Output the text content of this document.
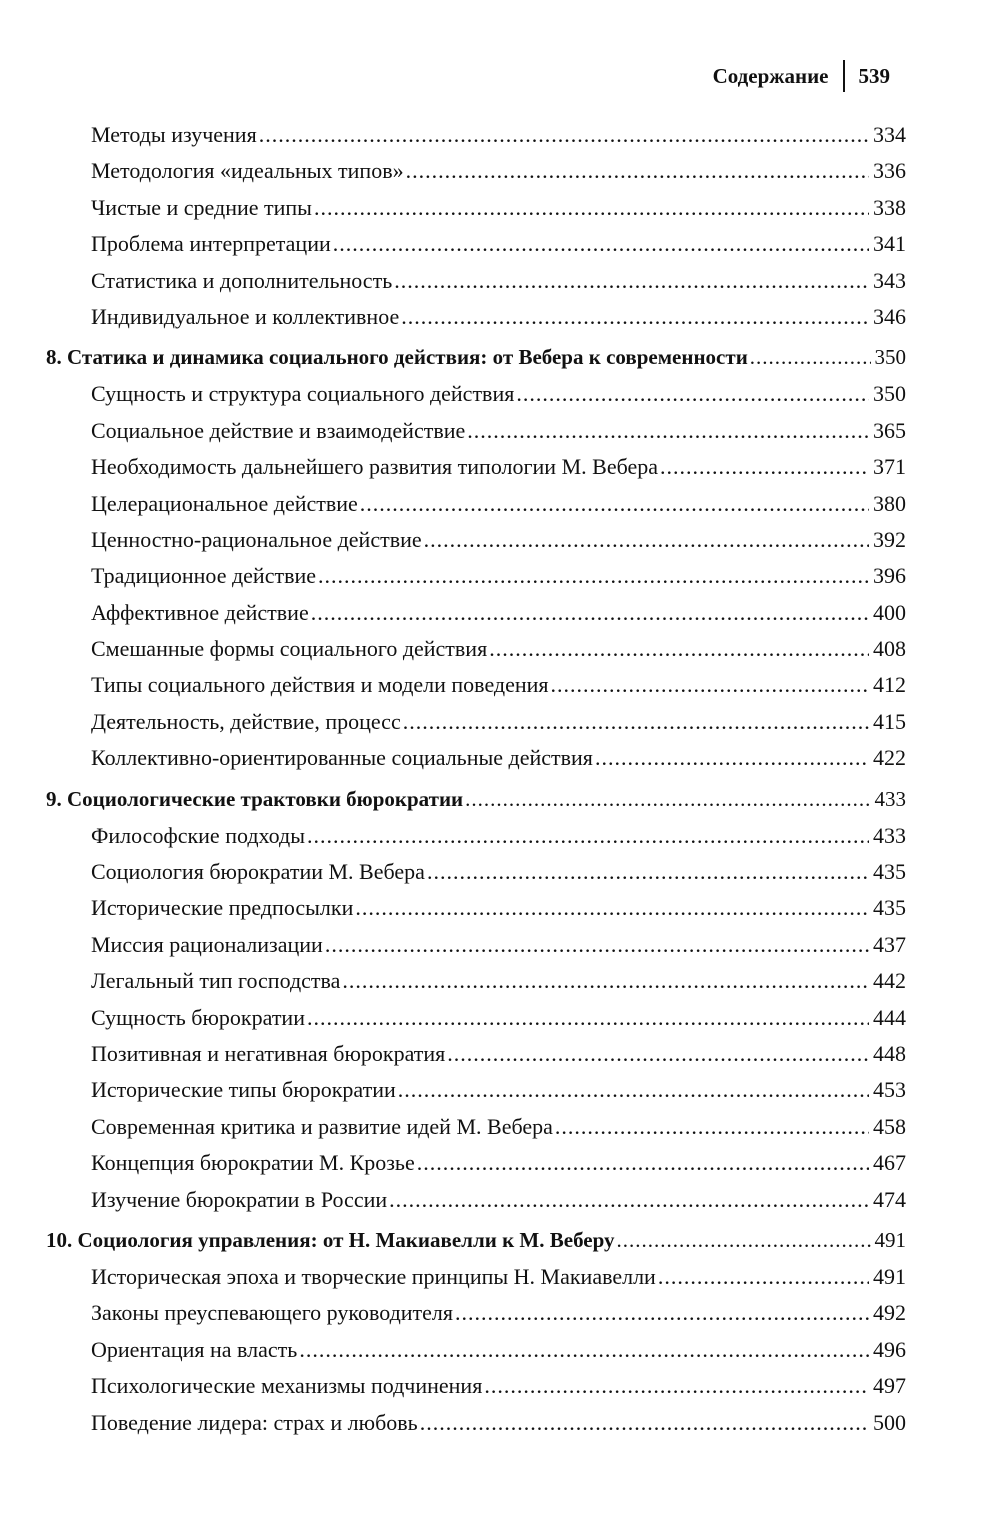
Содержание 539
Методы изучения .....	334
Методология «идеальных типов» .....	336
Чистые и средние типы .....	338
Проблема интерпретации .....	341
Статистика и дополнительность .....	343
Индивидуальное и коллективное .....	346
8. Статика и динамика социального действия: от Вебера к современности .....	350
Сущность и структура социального действия .....	350
Социальное действие и взаимодействие .....	365
Необходимость дальнейшего развития типологии М. Вебера .....	371
Целерациональное действие .....	380
Ценностно-рациональное действие .....	392
Традиционное действие .....	396
Аффективное действие .....	400
Смешанные формы социального действия .....	408
Типы социального действия и модели поведения .....	412
Деятельность, действие, процесс .....	415
Коллективно-ориентированные социальные действия .....	422
9. Социологические трактовки бюрократии .....	433
Философские подходы .....	433
Социология бюрократии М. Вебера .....	435
Исторические предпосылки .....	435
Миссия рационализации .....	437
Легальный тип господства .....	442
Сущность бюрократии .....	444
Позитивная и негативная бюрократия .....	448
Исторические типы бюрократии .....	453
Современная критика и развитие идей М. Вебера .....	458
Концепция бюрократии М. Крозье .....	467
Изучение бюрократии в России .....	474
10. Социология управления: от Н. Макиавелли к М. Веберу .....	491
Историческая эпоха и творческие принципы Н. Макиавелли .....	491
Законы преуспевающего руководителя .....	492
Ориентация на власть .....	496
Психологические механизмы подчинения .....	497
Поведение лидера: страх и любовь .....	500
